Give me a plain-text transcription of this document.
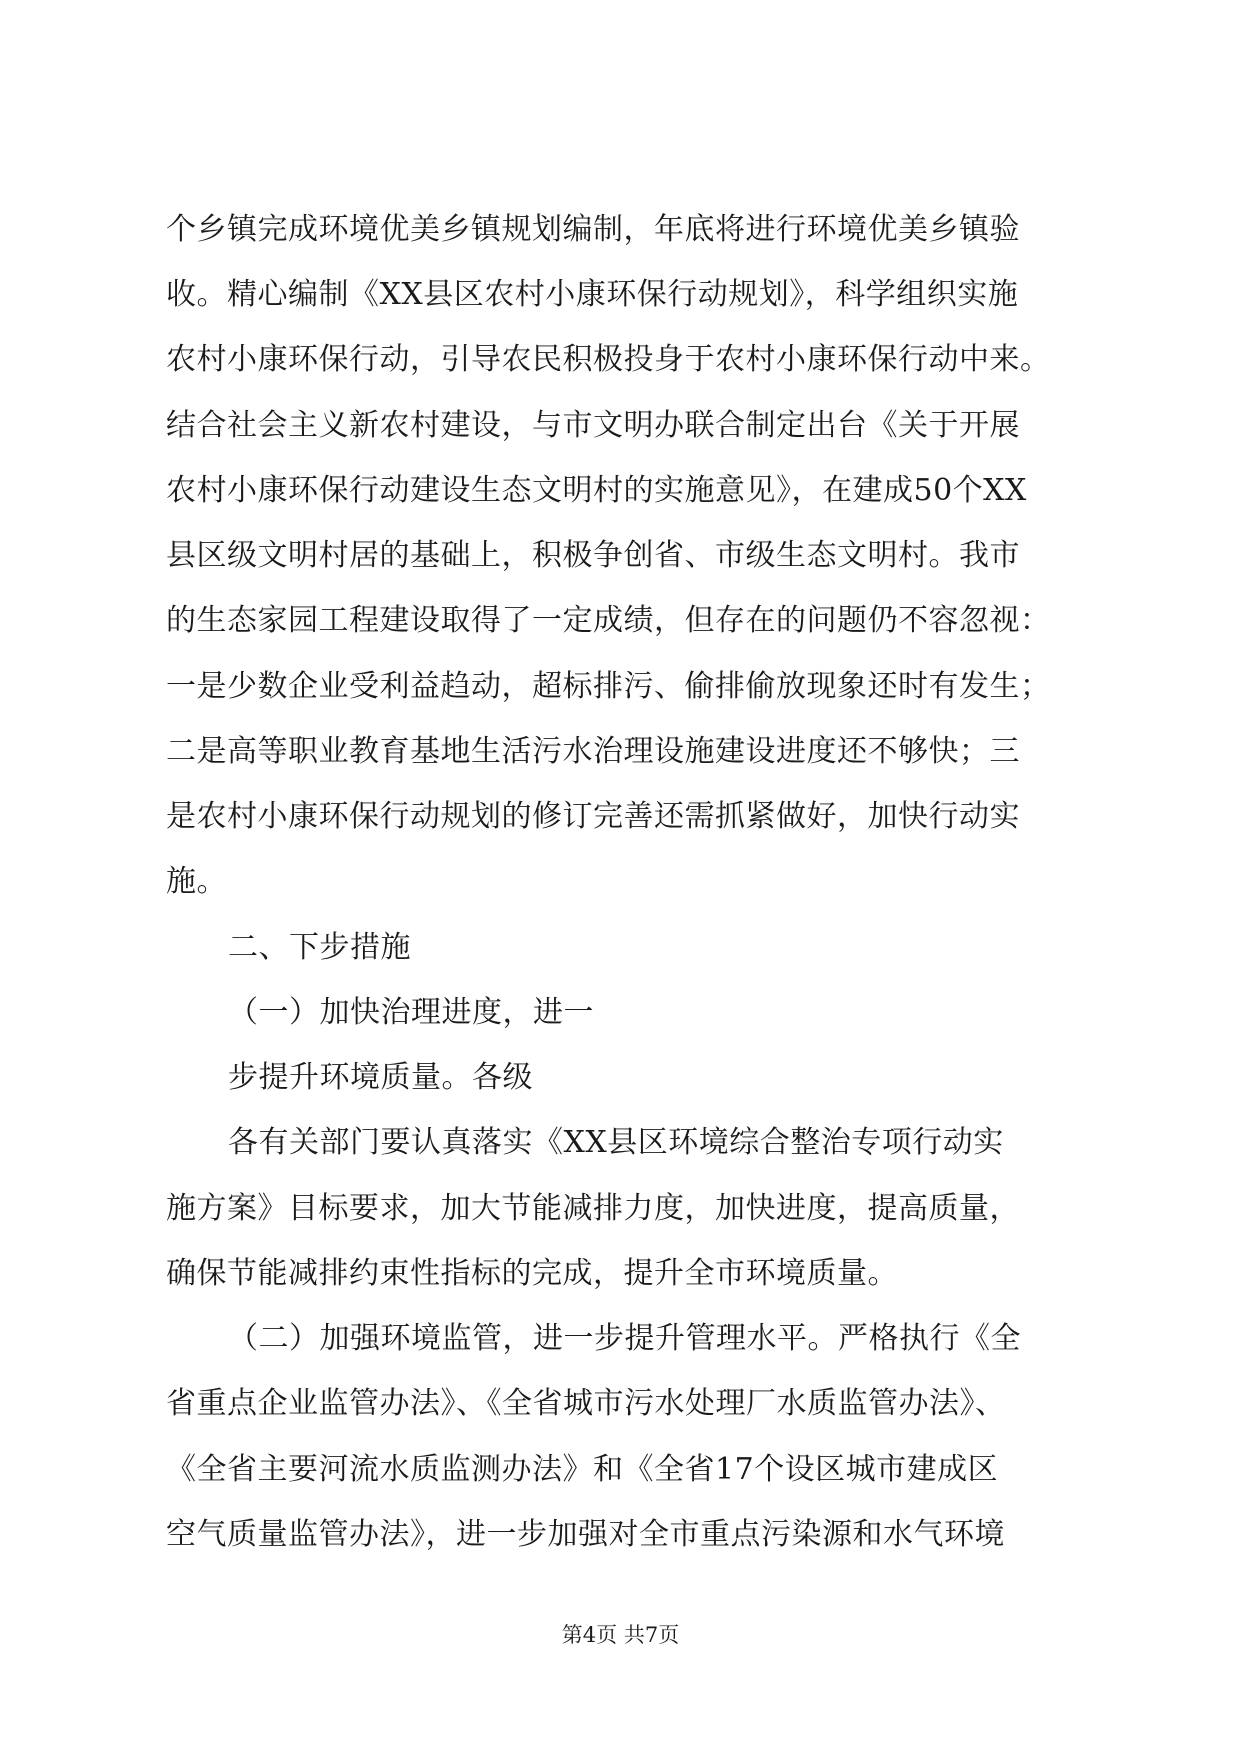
个乡镇完成环境优美乡镇规划编制，年底将进行环境优美乡镇验
收。精心编制《XX县区农村小康环保行动规划》，科学组织实施
农村小康环保行动，引导农民积极投身于农村小康环保行动中来。
结合社会主义新农村建设，与市文明办联合制定出台《关于开展
农村小康环保行动建设生态文明村的实施意见》，在建成50个XX
县区级文明村居的基础上，积极争创省、市级生态文明村。我市
的生态家园工程建设取得了一定成绩，但存在的问题仍不容忽视：
一是少数企业受利益趋动，超标排污、偷排偷放现象还时有发生；
二是高等职业教育基地生活污水治理设施建设进度还不够快；三
是农村小康环保行动规划的修订完善还需抓紧做好，加快行动实
施。
二、下步措施
（一）加快治理进度，进一
步提升环境质量。各级
各有关部门要认真落实《XX县区环境综合整治专项行动实
施方案》目标要求，加大节能减排力度，加快进度，提高质量，
确保节能减排约束性指标的完成，提升全市环境质量。
（二）加强环境监管，进一步提升管理水平。严格执行《全
省重点企业监管办法》、《全省城市污水处理厂水质监管办法》、
《全省主要河流水质监测办法》和《全省17个设区城市建成区
空气质量监管办法》，进一步加强对全市重点污染源和水气环境
第4页 共7页
